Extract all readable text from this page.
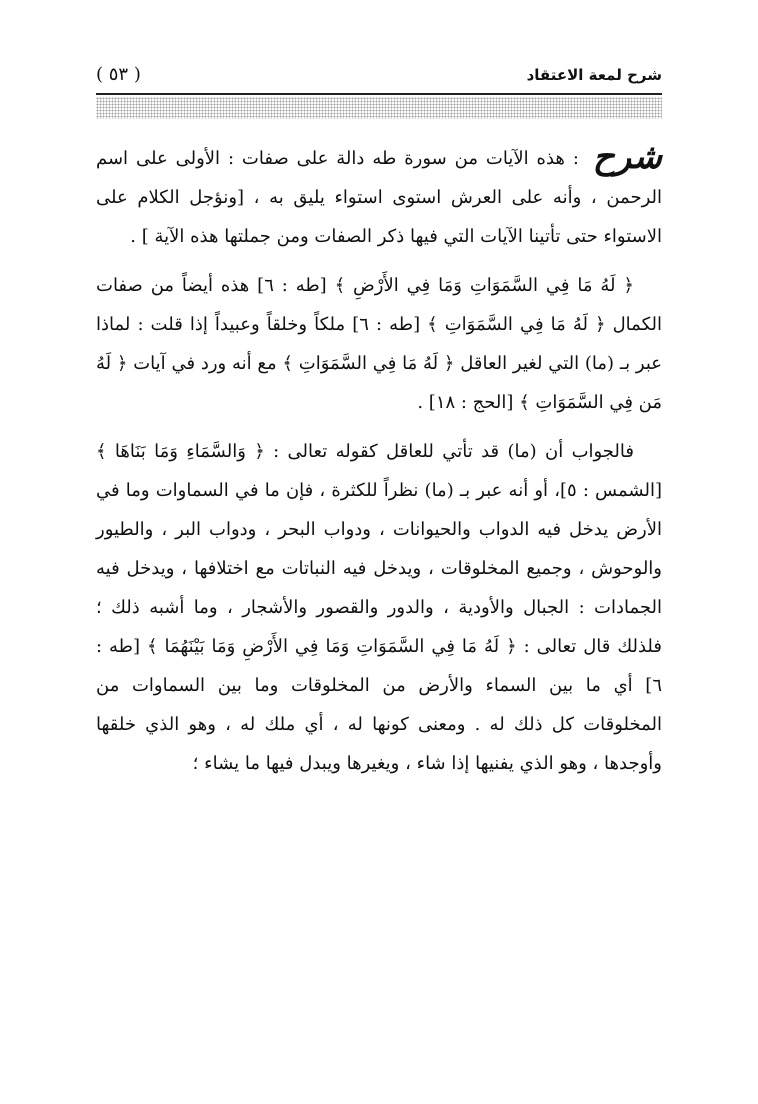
شرح لمعة الاعتقاد
( ٥٣ )

شرح : هذه الآيات من سورة طه دالة على صفات : الأولى على اسم الرحمن ، وأنه على العرش استوى استواء يليق به ، [ونؤجل الكلام على الاستواء حتى تأتينا الآيات التي فيها ذكر الصفات ومن جملتها هذه الآية ] .

﴿ لَهُ مَا فِي السَّمَوَاتِ وَمَا فِي الأَرْضِ ﴾ [طه : ٦] هذه أيضاً من صفات الكمال ﴿ لَهُ مَا فِي السَّمَوَاتِ ﴾ [طه : ٦] ملكاً وخلقاً وعبيداً إذا قلت : لماذا عبر بـ (ما) التي لغير العاقل ﴿ لَهُ مَا فِي السَّمَوَاتِ ﴾ مع أنه ورد في آيات ﴿ لَهُ مَن فِي السَّمَوَاتِ ﴾ [الحج : ١٨] .

فالجواب أن (ما) قد تأتي للعاقل كقوله تعالى : ﴿ وَالسَّمَاءِ وَمَا بَنَاهَا ﴾ [الشمس : ٥]، أو أنه عبر بـ (ما) نظراً للكثرة ، فإن ما في السماوات وما في الأرض يدخل فيه الدواب والحيوانات ، ودواب البحر ، ودواب البر ، والطيور والوحوش ، وجميع المخلوقات ، ويدخل فيه النباتات مع اختلافها ، ويدخل فيه الجمادات : الجبال والأودية ، والدور والقصور والأشجار ، وما أشبه ذلك ؛ فلذلك قال تعالى : ﴿ لَهُ مَا فِي السَّمَوَاتِ وَمَا فِي الأَرْضِ وَمَا بَيْنَهُمَا ﴾ [طه : ٦] أي ما بين السماء والأرض من المخلوقات وما بين السماوات من المخلوقات كل ذلك له . ومعنى كونها له ، أي ملك له ، وهو الذي خلقها وأوجدها ، وهو الذي يفنيها إذا شاء ، ويغيرها ويبدل فيها ما يشاء ؛
